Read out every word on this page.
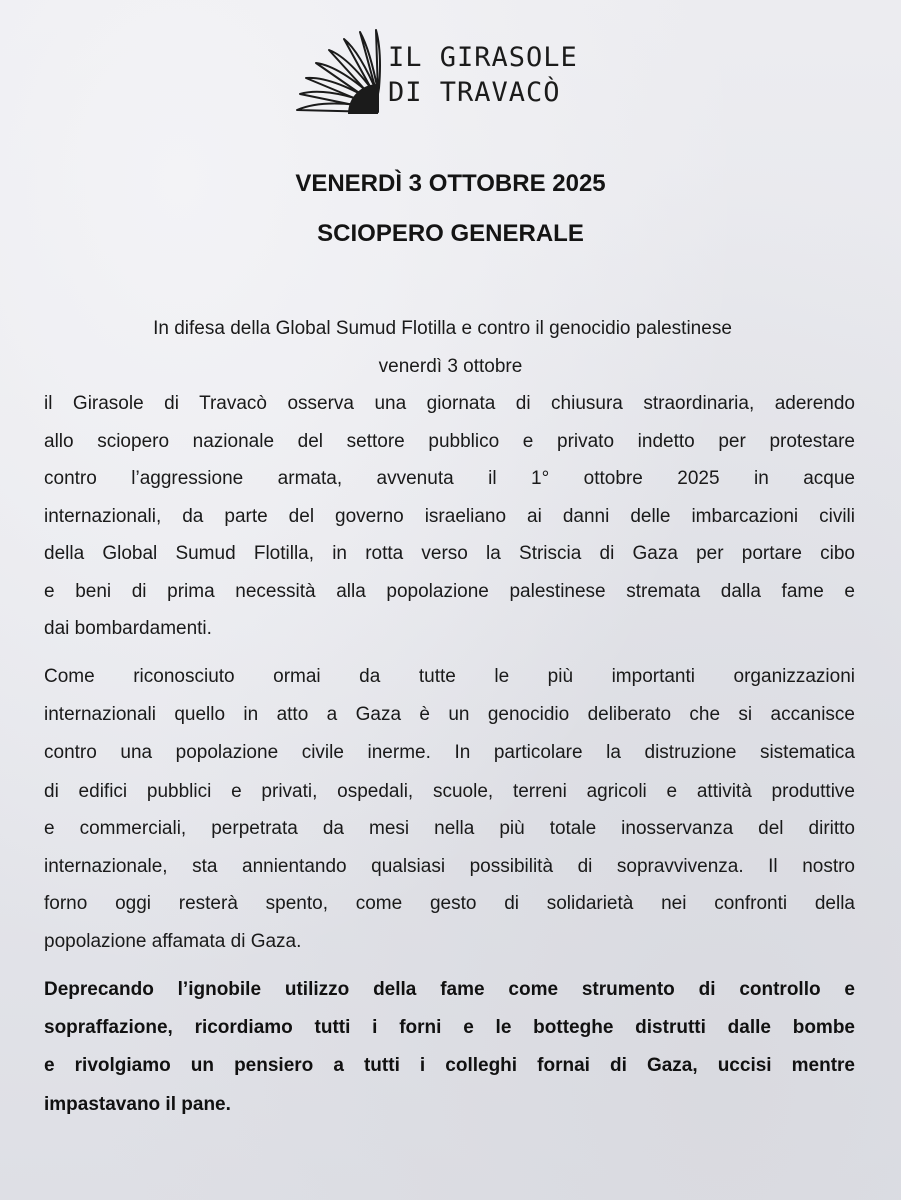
IL GIRASOLE
DI TRAVACÒ
VENERDÌ 3 OTTOBRE 2025
SCIOPERO GENERALE
In difesa della Global Sumud Flotilla e contro il genocidio palestinese
venerdì 3 ottobre
il Girasole di Travacò osserva una giornata di chiusura straordinaria, aderendo
allo sciopero nazionale del settore pubblico e privato indetto per protestare
contro l’aggressione armata, avvenuta il 1° ottobre 2025 in acque
internazionali, da parte del governo israeliano ai danni delle imbarcazioni civili
della Global Sumud Flotilla, in rotta verso la Striscia di Gaza per portare cibo
e beni di prima necessità alla popolazione palestinese stremata dalla fame e
dai bombardamenti.
Come riconosciuto ormai da tutte le più importanti organizzazioni
internazionali quello in atto a Gaza è un genocidio deliberato che si accanisce
contro una popolazione civile inerme. In particolare la distruzione sistematica
di edifici pubblici e privati, ospedali, scuole, terreni agricoli e attività produttive
e commerciali, perpetrata da mesi nella più totale inosservanza del diritto
internazionale, sta annientando qualsiasi possibilità di sopravvivenza. Il nostro
forno oggi resterà spento, come gesto di solidarietà nei confronti della
popolazione affamata di Gaza.
Deprecando l’ignobile utilizzo della fame come strumento di controllo e
sopraffazione, ricordiamo tutti i forni e le botteghe distrutti dalle bombe
e rivolgiamo un pensiero a tutti i colleghi fornai di Gaza, uccisi mentre
impastavano il pane.
